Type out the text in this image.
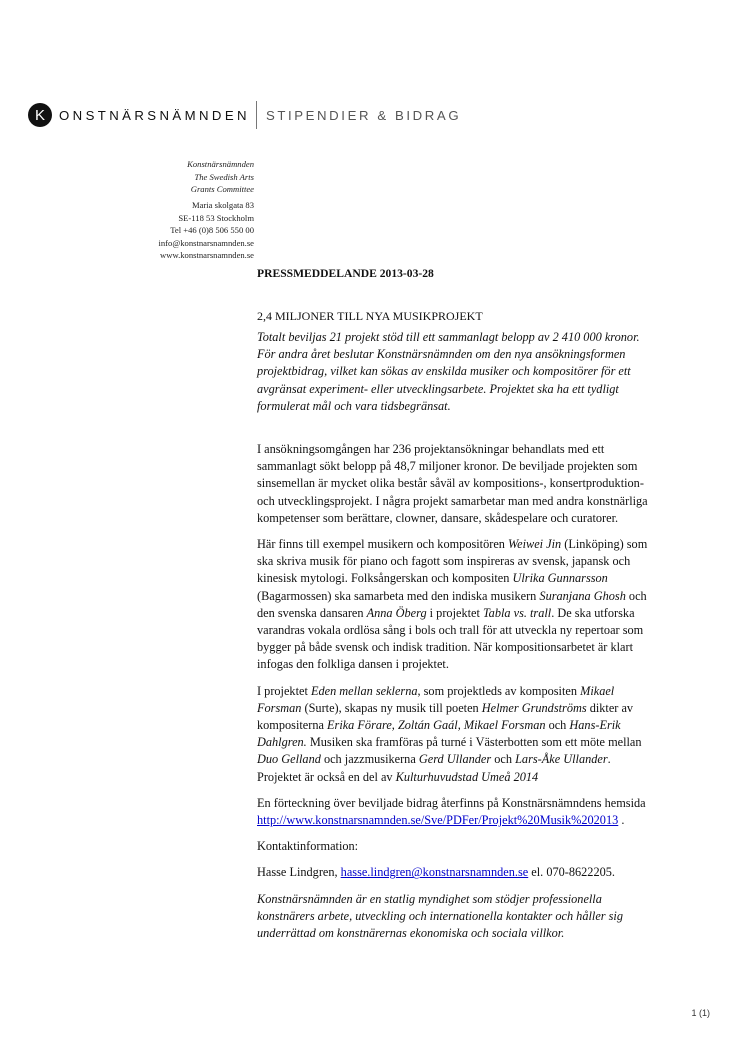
K	ONSTNÄRSNÄMNDEN STIPENDIER & BIDRAG
Konstnärsnämnden
The Swedish Arts
Grants Committee
Maria skolgata 83
SE-118 53 Stockholm
Tel +46 (0)8 506 550 00
info@konstnarsnamnden.se
www.konstnarsnamnden.se
PRESSMEDDELANDE 2013-03-28
2,4 MILJONER TILL NYA MUSIKPROJEKT
Totalt beviljas 21 projekt stöd till ett sammanlagt belopp av 2 410 000 kronor. För andra året beslutar Konstnärsnämnden om den nya ansökningsformen projektbidrag, vilket kan sökas av enskilda musiker och kompositörer för ett avgränsat experiment- eller utvecklingsarbete. Projektet ska ha ett tydligt formulerat mål och vara tidsbegränsat.

I ansökningsomgången har 236 projektansökningar behandlats med ett sammanlagt sökt belopp på 48,7 miljoner kronor. De beviljade projekten som sinsemellan är mycket olika består såväl av kompositions-, konsertproduktion- och utvecklingsprojekt. I några projekt samarbetar man med andra konstnärliga kompetenser som berättare, clowner, dansare, skådespelare och curatorer.

Här finns till exempel musikern och kompositören Weiwei Jin (Linköping) som ska skriva musik för piano och fagott som inspireras av svensk, japansk och kinesisk mytologi. Folksångerskan och kompositen Ulrika Gunnarsson (Bagarmossen) ska samarbeta med den indiska musikern Suranjana Ghosh och den svenska dansaren Anna Öberg i projektet Tabla vs. trall. De ska utforska varandras vokala ordlösa sång i bols och trall för att utveckla ny repertoar som bygger på både svensk och indisk tradition. När kompositionsarbetet är klart infogas den folkliga dansen i projektet.

I projektet Eden mellan seklerna, som projektleds av kompositen Mikael Forsman (Surte), skapas ny musik till poeten Helmer Grundströms dikter av kompositerna Erika Förare, Zoltán Gaál, Mikael Forsman och Hans-Erik Dahlgren. Musiken ska framföras på turné i Västerbotten som ett möte mellan Duo Gelland och jazzmusikerna Gerd Ullander och Lars-Åke Ullander. Projektet är också en del av Kulturhuvudstad Umeå 2014

En förteckning över beviljade bidrag återfinns på Konstnärsnämndens hemsida
http://www.konstnarsnamnden.se/Sve/PDFer/Projekt%20Musik%202013 .

Kontaktinformation:

Hasse Lindgren, hasse.lindgren@konstnarsnamnden.se el. 070-8622205.

Konstnärsnämnden är en statlig myndighet som stödjer professionella konstnärers arbete, utveckling och internationella kontakter och håller sig underrättad om konstnärernas ekonomiska och sociala villkor.

1 (1)
